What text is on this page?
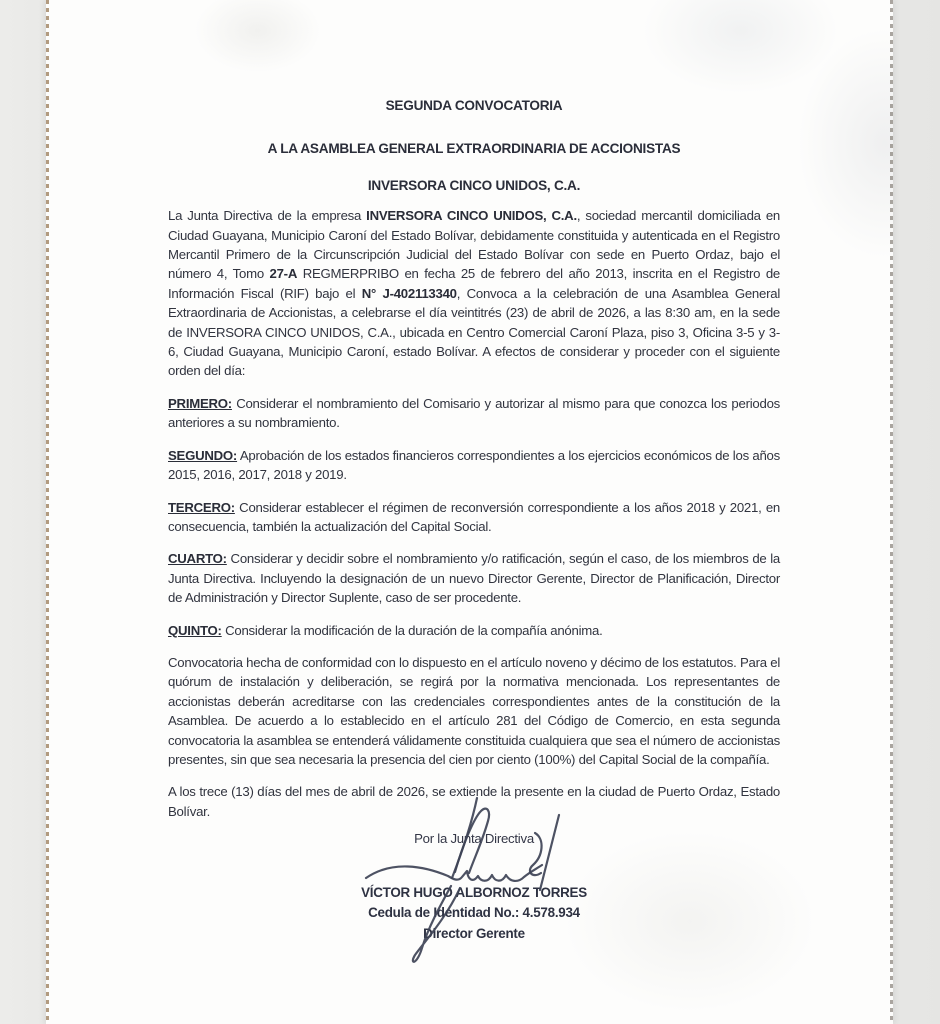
SEGUNDA CONVOCATORIA
A LA ASAMBLEA GENERAL EXTRAORDINARIA DE ACCIONISTAS
INVERSORA CINCO UNIDOS, C.A.

La Junta Directiva de la empresa INVERSORA CINCO UNIDOS, C.A., sociedad mercantil domiciliada en Ciudad Guayana, Municipio Caroní del Estado Bolívar, debidamente constituida y autenticada en el Registro Mercantil Primero de la Circunscripción Judicial del Estado Bolívar con sede en Puerto Ordaz, bajo el número 4, Tomo 27-A REGMERPRIBO en fecha 25 de febrero del año 2013, inscrita en el Registro de Información Fiscal (RIF) bajo el N° J-402113340, Convoca a la celebración de una Asamblea General Extraordinaria de Accionistas, a celebrarse el día veintitrés (23) de abril de 2026, a las 8:30 am, en la sede de INVERSORA CINCO UNIDOS, C.A., ubicada en Centro Comercial Caroní Plaza, piso 3, Oficina 3-5 y 3-6, Ciudad Guayana, Municipio Caroní, estado Bolívar. A efectos de considerar y proceder con el siguiente orden del día:

PRIMERO: Considerar el nombramiento del Comisario y autorizar al mismo para que conozca los periodos anteriores a su nombramiento.

SEGUNDO: Aprobación de los estados financieros correspondientes a los ejercicios económicos de los años 2015, 2016, 2017, 2018 y 2019.

TERCERO: Considerar establecer el régimen de reconversión correspondiente a los años 2018 y 2021, en consecuencia, también la actualización del Capital Social.

CUARTO: Considerar y decidir sobre el nombramiento y/o ratificación, según el caso, de los miembros de la Junta Directiva. Incluyendo la designación de un nuevo Director Gerente, Director de Planificación, Director de Administración y Director Suplente, caso de ser procedente.

QUINTO: Considerar la modificación de la duración de la compañía anónima.

Convocatoria hecha de conformidad con lo dispuesto en el artículo noveno y décimo de los estatutos. Para el quórum de instalación y deliberación, se regirá por la normativa mencionada. Los representantes de accionistas deberán acreditarse con las credenciales correspondientes antes de la constitución de la Asamblea. De acuerdo a lo establecido en el artículo 281 del Código de Comercio, en esta segunda convocatoria la asamblea se entenderá válidamente constituida cualquiera que sea el número de accionistas presentes, sin que sea necesaria la presencia del cien por ciento (100%) del Capital Social de la compañía.

A los trece (13) días del mes de abril de 2026, se extiende la presente en la ciudad de Puerto Ordaz, Estado Bolívar.

Por la Junta Directiva
VÍCTOR HUGO ALBORNOZ TORRES
Cedula de Identidad No.: 4.578.934
Director Gerente
